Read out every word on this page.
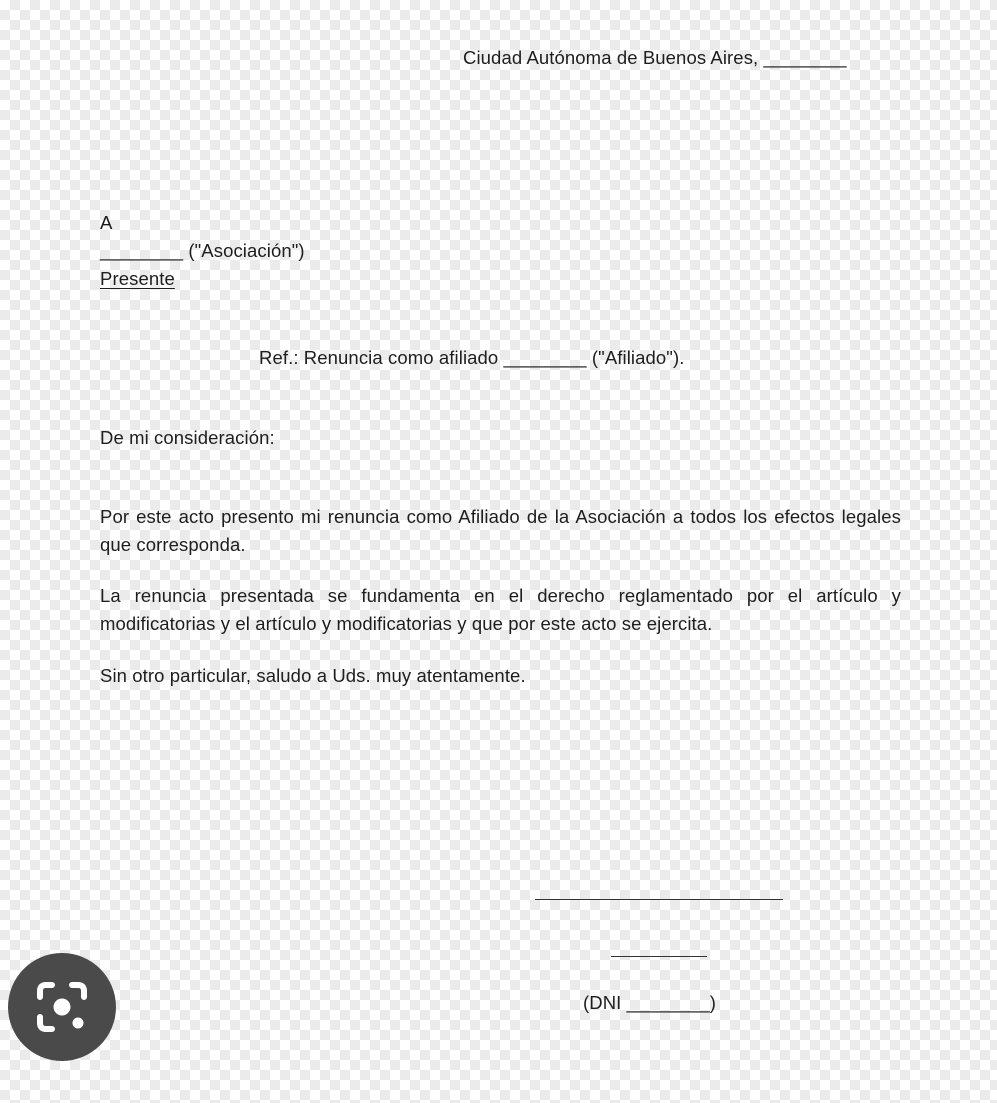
Ciudad Autónoma de Buenos Aires, ________
A
________ ("Asociación")
Presente
Ref.: Renuncia como afiliado ________ ("Afiliado").
De mi consideración:
Por este acto presento mi renuncia como Afiliado de la Asociación a todos los efectos legales que corresponda.
La renuncia presentada se fundamenta en el derecho reglamentado por el artículo y modificatorias y el artículo y modificatorias y que por este acto se ejercita.
Sin otro particular, saludo a Uds. muy atentamente.
(DNI ________)
